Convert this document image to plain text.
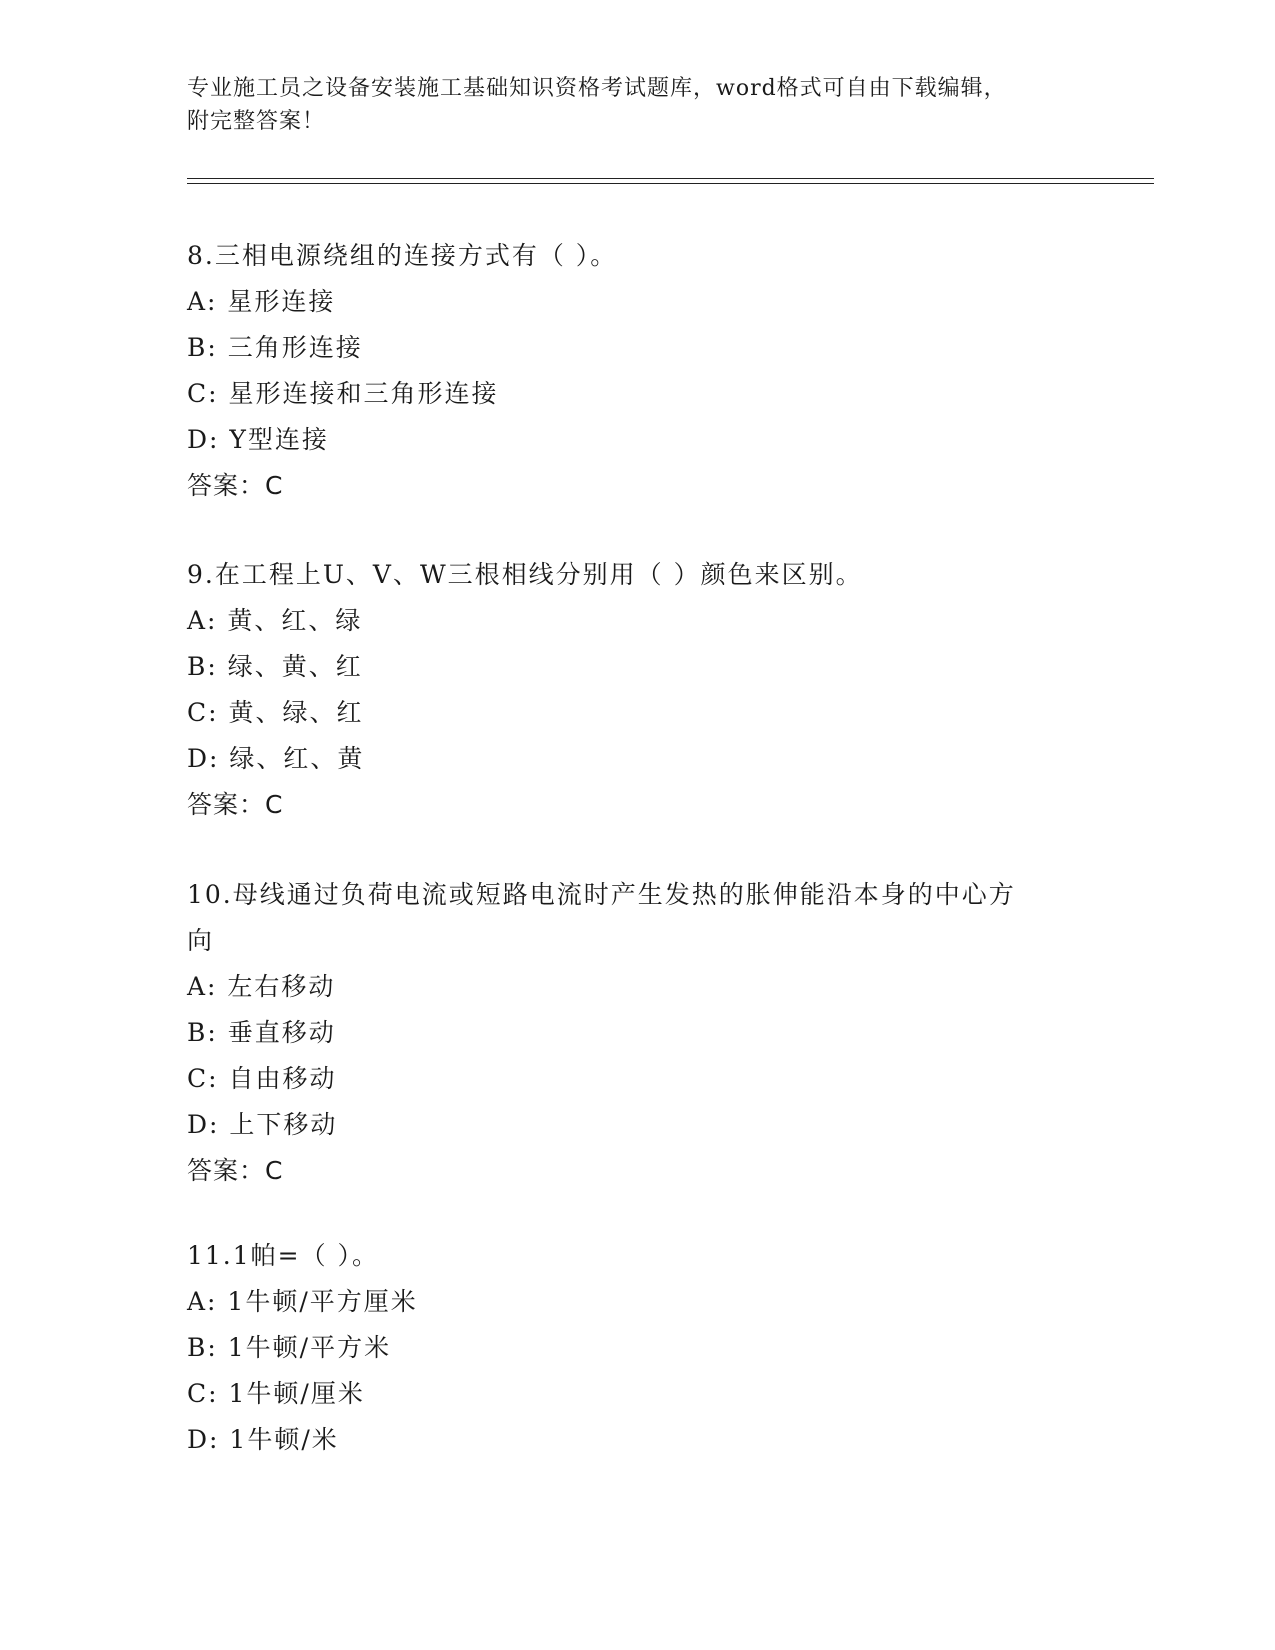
专业施工员之设备安装施工基础知识资格考试题库，word格式可自由下载编辑，
附完整答案！
8.三相电源绕组的连接方式有（ ）。
A: 星形连接
B: 三角形连接
C: 星形连接和三角形连接
D: Y型连接
答案：C
9.在工程上U、V、W三根相线分别用（ ）颜色来区别。
A: 黄、红、绿
B: 绿、黄、红
C: 黄、绿、红
D: 绿、红、黄
答案：C
10.母线通过负荷电流或短路电流时产生发热的胀伸能沿本身的中心方
向
A: 左右移动
B: 垂直移动
C: 自由移动
D: 上下移动
答案：C
11.1帕=（ ）。
A: 1牛顿/平方厘米
B: 1牛顿/平方米
C: 1牛顿/厘米
D: 1牛顿/米
